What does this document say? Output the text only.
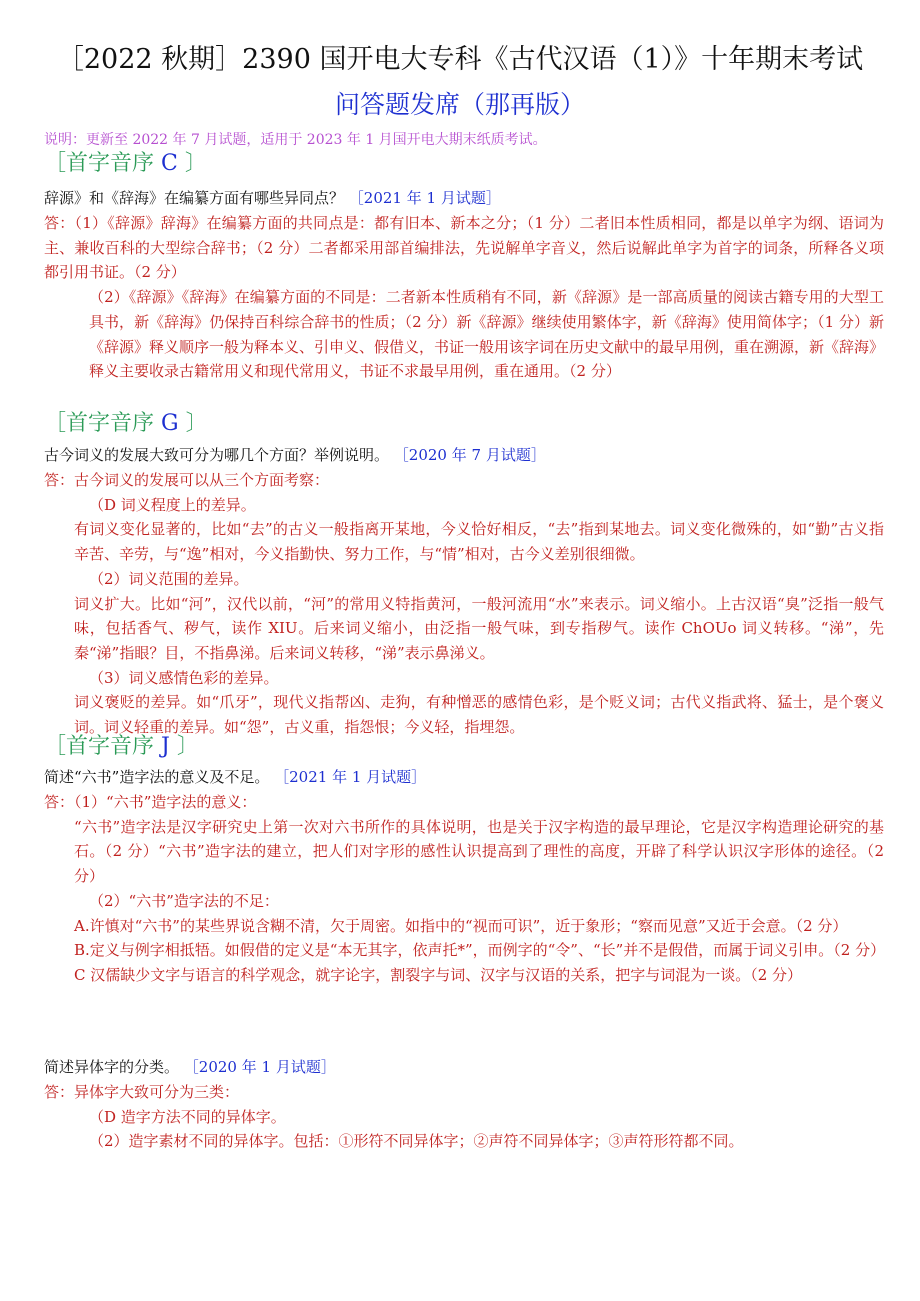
［2022 秋期］2390 国开电大专科《古代汉语（1）》十年期末考试
问答题发席（那再版）
说明：更新至 2022 年 7 月试题，适用于 2023 年 1 月国开电大期末纸质考试。
［首字音序 C 〕
辞源》和《辞海》在编纂方面有哪些异同点？ ［2021 年 1 月试题］

答：（1）《辞源》辞海》在编纂方面的共同点是：都有旧本、新本之分；（1 分）二者旧本性质相同，都是以单字为纲、语词为主、兼收百科的大型综合辞书；（2 分）二者都采用部首编排法，先说解单字音义，然后说解此单字为首字的词条，所释各义项都引用书证。（2 分）

（2）《辞源》《辞海》在编纂方面的不同是：二者新本性质稍有不同，新《辞源》是一部高质量的阅读古籍专用的大型工具书，新《辞海》仍保持百科综合辞书的性质；（2 分）新《辞源》继续使用繁体字，新《辞海》使用简体字；（1 分）新《辞源》释义顺序一般为释本义、引申义、假借义，书证一般用该字词在历史文献中的最早用例，重在溯源，新《辞海》释义主要收录古籍常用义和现代常用义，书证不求最早用例，重在通用。（2 分）

［首字音序 G 〕
古今词义的发展大致可分为哪几个方面？举例说明。 ［2020 年 7 月试题］

答：古今词义的发展可以从三个方面考察：

（D 词义程度上的差异。

有词义变化显著的，比如“去”的古义一般指离开某地，今义恰好相反，“去”指到某地去。词义变化微殊的，如“勤”古义指辛苦、辛劳，与“逸”相对，今义指勤快、努力工作，与“情”相对，古今义差别很细微。

（2）词义范围的差异。

词义扩大。比如“河”，汉代以前，“河”的常用义特指黄河，一般河流用“水”来表示。词义缩小。上古汉语“臭”泛指一般气味，包括香气、秽气，读作 XIU。后来词义缩小，由泛指一般气味，到专指秽气。读作 ChOUo 词义转移。“涕”，先秦“涕”指眼？目，不指鼻涕。后来词义转移，“涕”表示鼻涕义。

（3）词义感情色彩的差异。

词义褒贬的差异。如“爪牙”，现代义指帮凶、走狗，有种憎恶的感情色彩，是个贬义词；古代义指武将、猛士，是个褒义词。词义轻重的差异。如“怨”，古义重，指怨恨；今义轻，指埋怨。

［首字音序 J 〕
简述“六书”造字法的意义及不足。 ［2021 年 1 月试题］

答：（1）“六书”造字法的意义：

“六书”造字法是汉字研究史上第一次对六书所作的具体说明，也是关于汉字构造的最早理论，它是汉字构造理论研究的基石。（2 分）“六书”造字法的建立，把人们对字形的感性认识提高到了理性的高度，开辟了科学认识汉字形体的途径。（2 分）

（2）“六书”造字法的不足：

A.许慎对“六书”的某些界说含糊不清，欠于周密。如指中的“视而可识”，近于象形；“察而见意”又近于会意。（2 分）

B.定义与例字相抵牾。如假借的定义是“本无其字，依声托*”，而例字的“令”、“长”并不是假借，而属于词义引申。（2 分）

C 汉儒缺少文字与语言的科学观念，就字论字，割裂字与词、汉字与汉语的关系，把字与词混为一谈。（2 分）

简述异体字的分类。 ［2020 年 1 月试题］

答：异体字大致可分为三类：

（D 造字方法不同的异体字。

（2）造字素材不同的异体字。包括：①形符不同异体字；②声符不同异体字；③声符形符都不同。
